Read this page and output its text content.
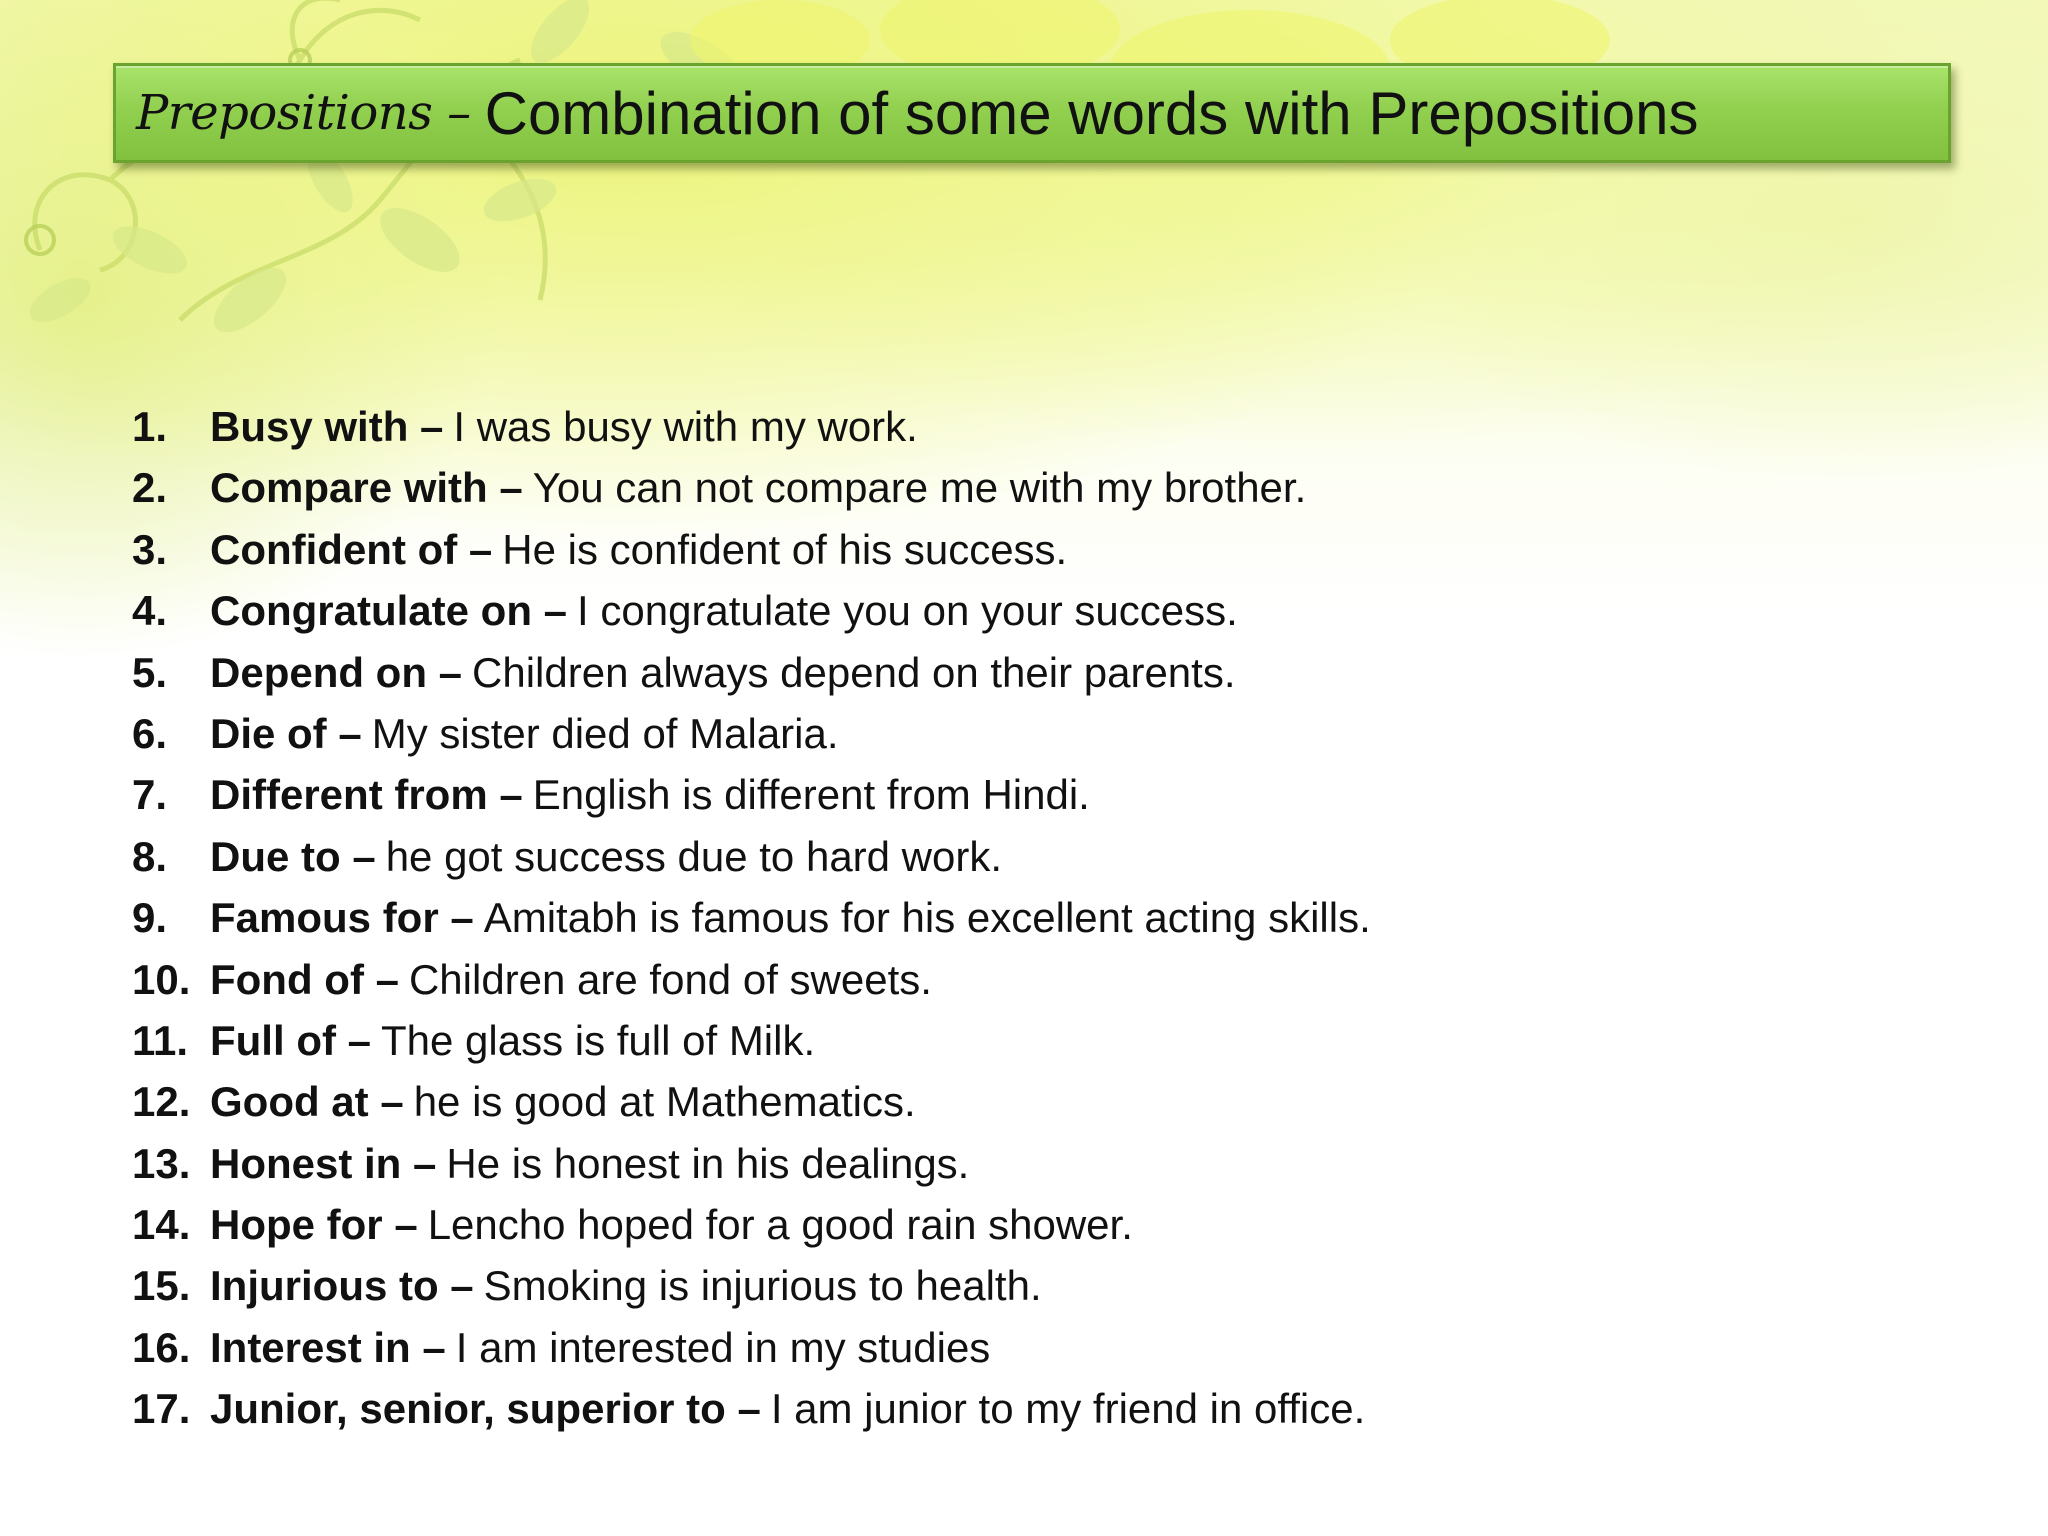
Prepositions – Combination of some words with Prepositions
1.	Busy with – I was busy with my work.
2.	Compare with – You can not compare me with my brother.
3.	Confident of – He is confident of his success.
4.	Congratulate on – I congratulate you on your success.
5.	Depend on – Children always depend on their parents.
6.	Die of – My sister died of Malaria.
7.	Different from – English is different from Hindi.
8.	Due to – he got success due to hard work.
9.	Famous for – Amitabh is famous for his excellent acting skills.
10. Fond of – Children are fond of sweets.
11. Full of – The glass is full of Milk.
12. Good at – he is good at Mathematics.
13. Honest in – He is honest in his dealings.
14. Hope for – Lencho hoped for a good rain shower.
15. Injurious to – Smoking is injurious to health.
16. Interest in – I am interested in my studies
17. Junior, senior, superior to – I am junior to my friend in office.
